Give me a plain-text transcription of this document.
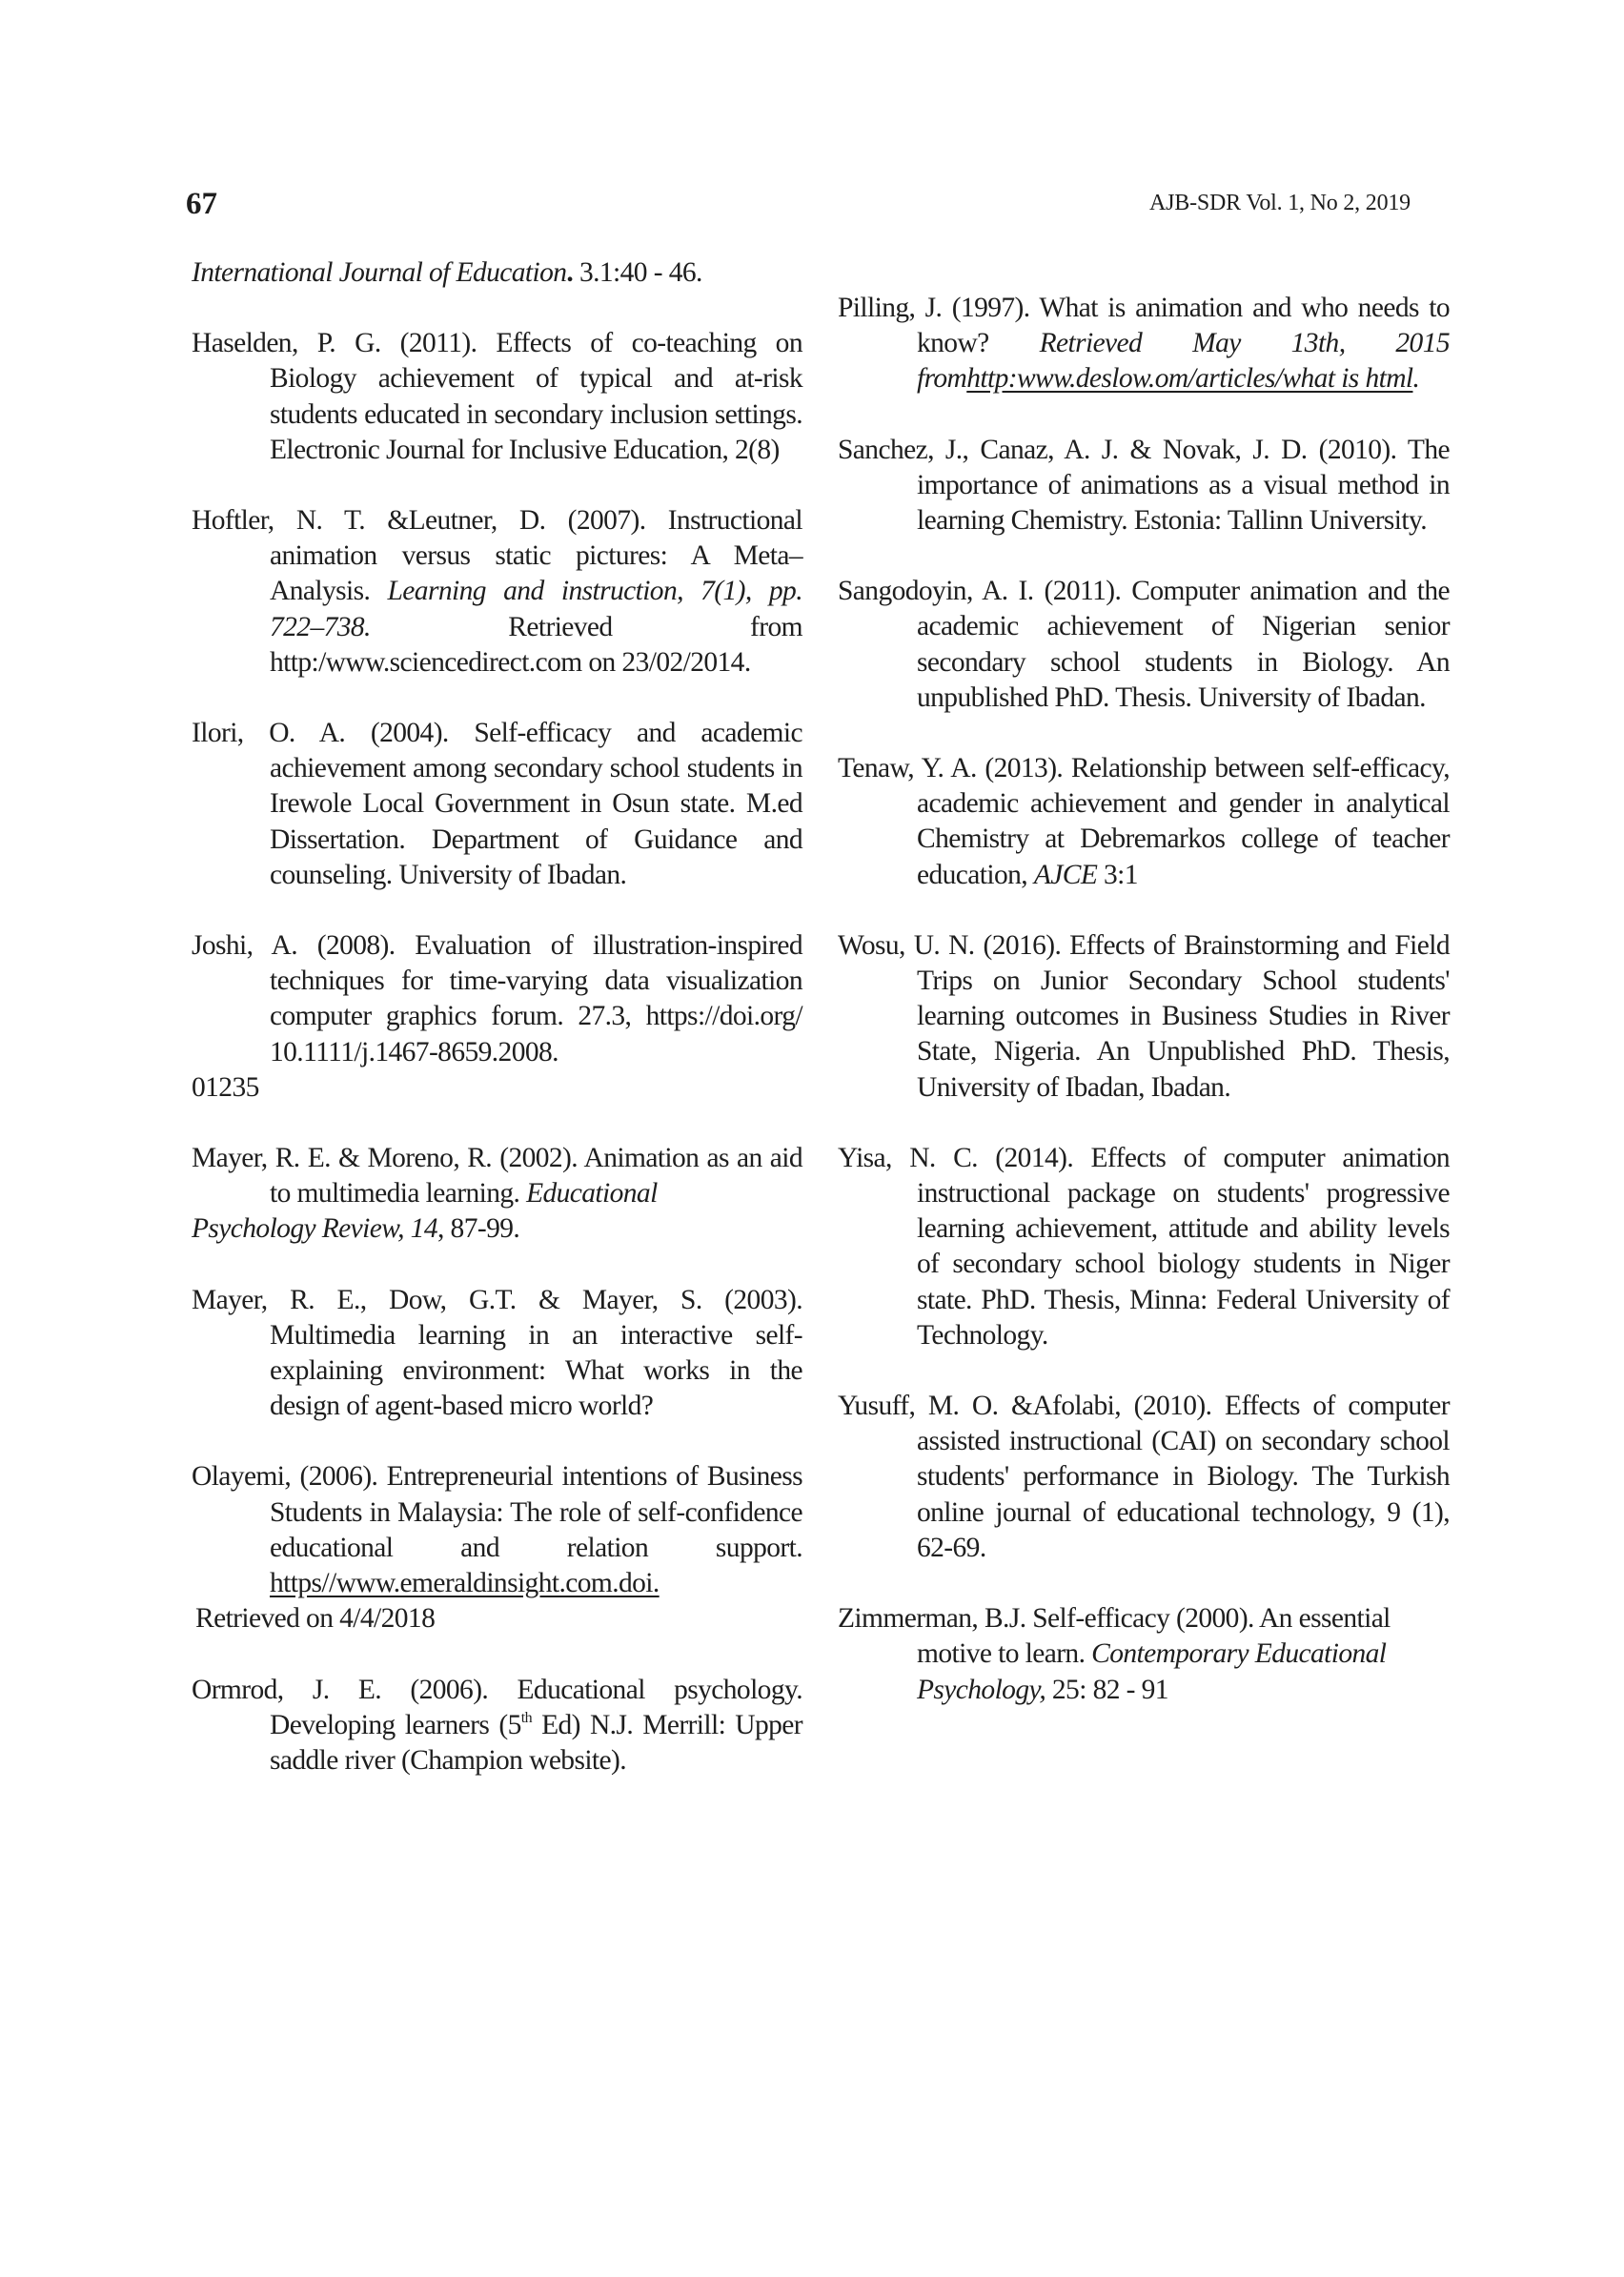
67	AJB-SDR Vol. 1, No 2, 2019

International Journal of Education. 3.1:40 - 46.

Haselden, P. G. (2011). Effects of co-teaching on Biology achievement of typical and at-risk students educated in secondary inclusion settings. Electronic Journal for Inclusive Education, 2(8)

Hoftler, N. T. &Leutner, D. (2007). Instructional animation versus static pictures: A Meta–Analysis. Learning and instruction, 7(1), pp. 722–738. Retrieved from http:/www.sciencedirect.com on 23/02/2014.

Ilori, O. A. (2004). Self-efficacy and academic achievement among secondary school students in Irewole Local Government in Osun state. M.ed Dissertation. Department of Guidance and counseling. University of Ibadan.

Joshi, A. (2008). Evaluation of illustration-inspired techniques for time-varying data visualization computer graphics forum. 27.3, https://doi.org/ 10.1111/j.1467-8659.2008.
01235

Mayer, R. E. & Moreno, R. (2002). Animation as an aid to multimedia learning. Educational

Psychology Review, 14, 87-99.

Mayer, R. E., Dow, G.T. & Mayer, S. (2003). Multimedia learning in an interactive self-explaining environment: What works in the design of agent-based micro world?

Olayemi, (2006). Entrepreneurial intentions of Business Students in Malaysia: The role of self-confidence educational and relation support. https//www.emeraldinsight.com.doi.
Retrieved on 4/4/2018

Ormrod, J. E. (2006). Educational psychology. Developing learners (5th Ed) N.J. Merrill: Upper saddle river (Champion website).

Pilling, J. (1997). What is animation and who needs to know? Retrieved May 13th, 2015 fromhttp:www.deslow.om/articles/what is html.

Sanchez, J., Canaz, A. J. & Novak, J. D. (2010). The importance of animations as a visual method in learning Chemistry. Estonia: Tallinn University.

Sangodoyin, A. I. (2011). Computer animation and the academic achievement of Nigerian senior secondary school students in Biology. An unpublished PhD. Thesis. University of Ibadan.

Tenaw, Y. A. (2013). Relationship between self-efficacy, academic achievement and gender in analytical Chemistry at Debremarkos college of teacher education, AJCE 3:1

Wosu, U. N. (2016). Effects of Brainstorming and Field Trips on Junior Secondary School students' learning outcomes in Business Studies in River State, Nigeria. An Unpublished PhD. Thesis, University of Ibadan, Ibadan.

Yisa, N. C. (2014). Effects of computer animation instructional package on students' progressive learning achievement, attitude and ability levels of secondary school biology students in Niger state. PhD. Thesis, Minna: Federal University of Technology.

Yusuff, M. O. &Afolabi, (2010). Effects of computer assisted instructional (CAI) on secondary school students' performance in Biology. The Turkish online journal of educational technology, 9 (1), 62-69.

Zimmerman, B.J. Self-efficacy (2000). An essential motive to learn. Contemporary Educational Psychology, 25: 82 - 91
